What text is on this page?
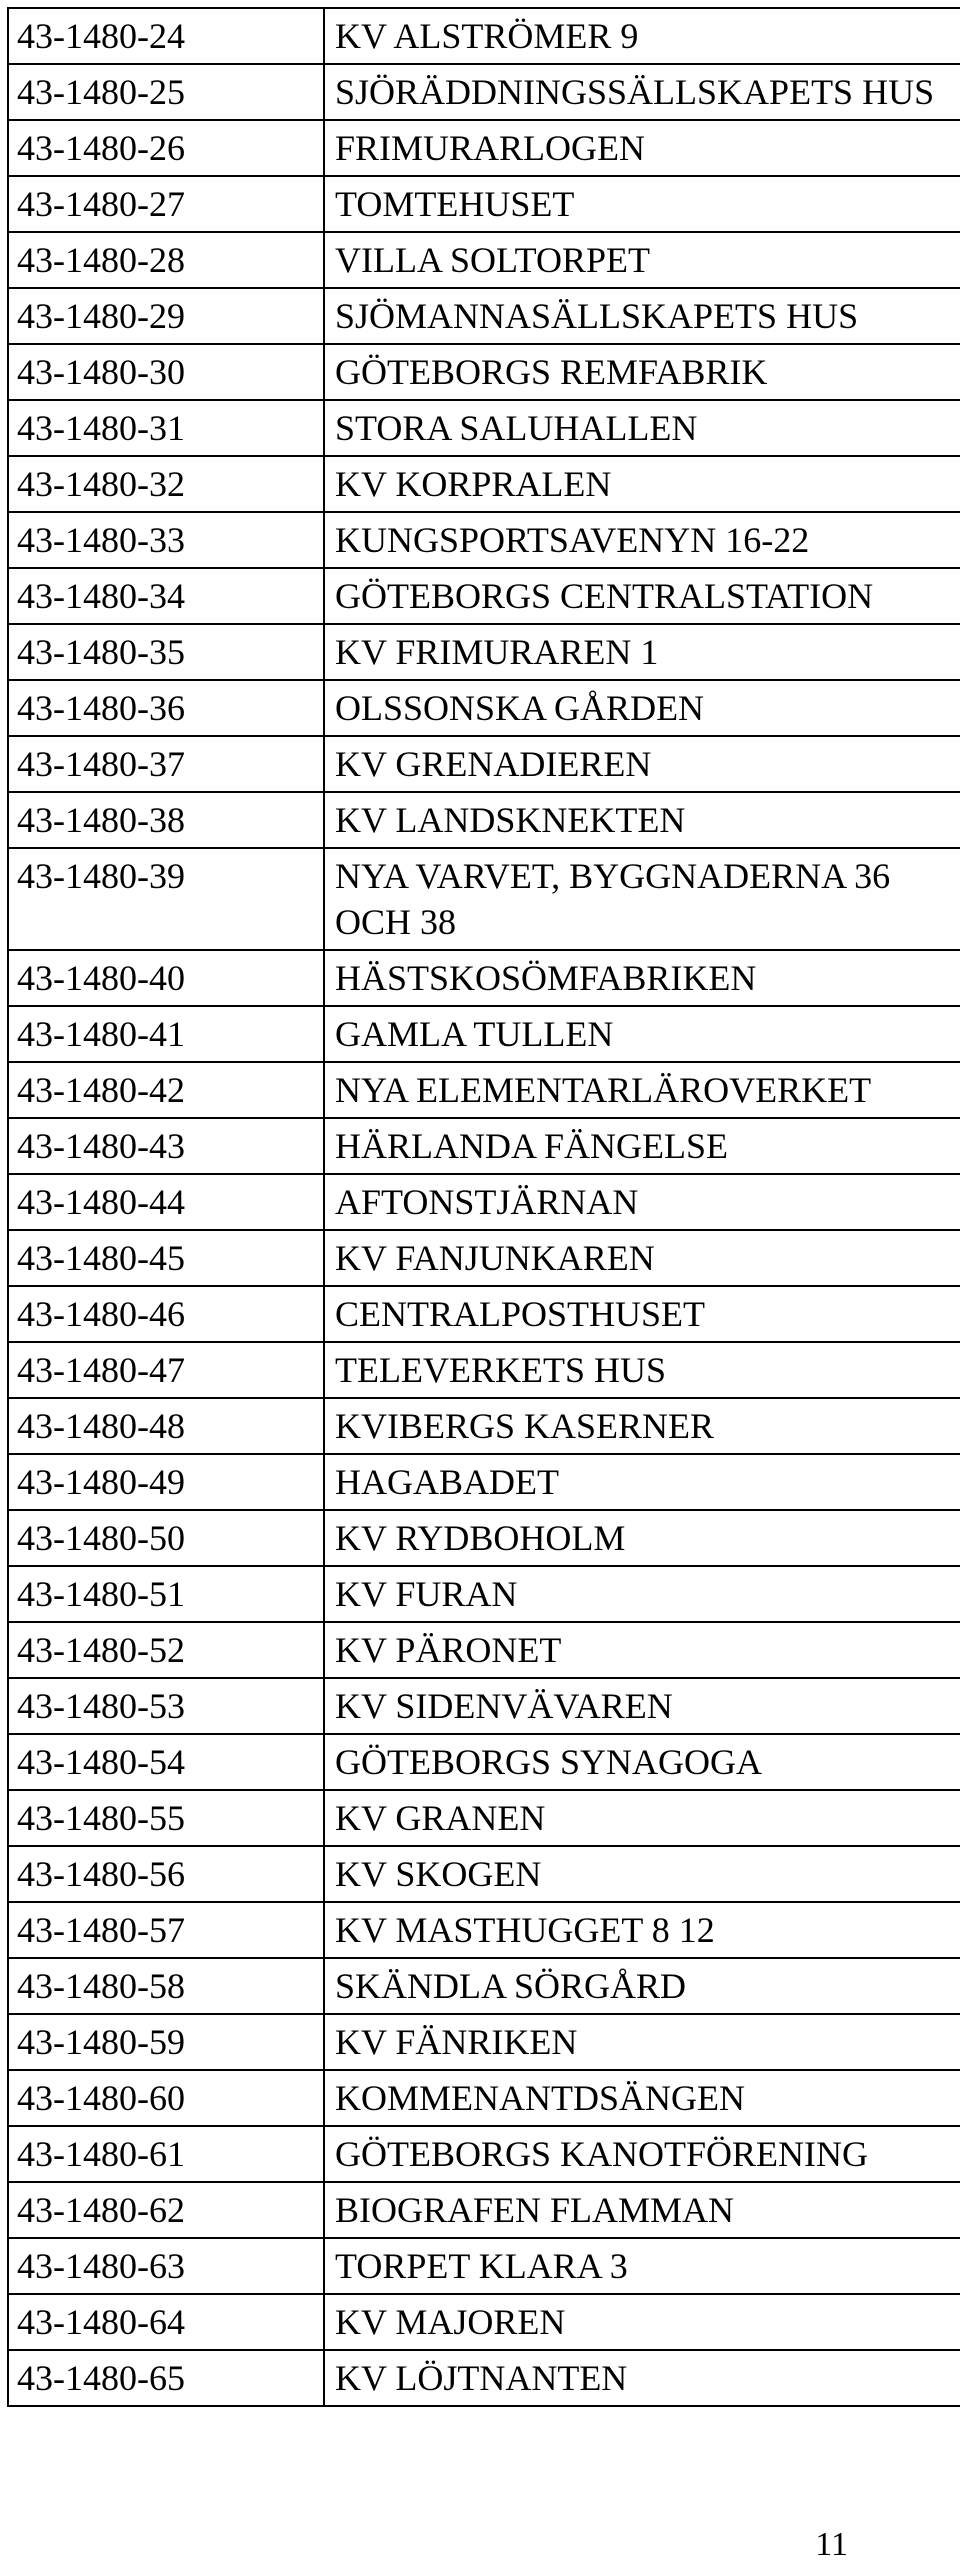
43-1480-24	KV ALSTRÖMER 9
43-1480-25	SJÖRÄDDNINGSSÄLLSKAPETS HUS
43-1480-26	FRIMURARLOGEN
43-1480-27	TOMTEHUSET
43-1480-28	VILLA SOLTORPET
43-1480-29	SJÖMANNASÄLLSKAPETS HUS
43-1480-30	GÖTEBORGS REMFABRIK
43-1480-31	STORA SALUHALLEN
43-1480-32	KV KORPRALEN
43-1480-33	KUNGSPORTSAVENYN 16-22
43-1480-34	GÖTEBORGS CENTRALSTATION
43-1480-35	KV FRIMURAREN 1
43-1480-36	OLSSONSKA GÅRDEN
43-1480-37	KV GRENADIEREN
43-1480-38	KV LANDSKNEKTEN
43-1480-39	NYA VARVET, BYGGNADERNA 36 OCH 38
43-1480-40	HÄSTSKOSÖMFABRIKEN
43-1480-41	GAMLA TULLEN
43-1480-42	NYA ELEMENTARLÄROVERKET
43-1480-43	HÄRLANDA FÄNGELSE
43-1480-44	AFTONSTJÄRNAN
43-1480-45	KV FANJUNKAREN
43-1480-46	CENTRALPOSTHUSET
43-1480-47	TELEVERKETS HUS
43-1480-48	KVIBERGS KASERNER
43-1480-49	HAGABADET
43-1480-50	KV RYDBOHOLM
43-1480-51	KV FURAN
43-1480-52	KV PÄRONET
43-1480-53	KV SIDENVÄVAREN
43-1480-54	GÖTEBORGS SYNAGOGA
43-1480-55	KV GRANEN
43-1480-56	KV SKOGEN
43-1480-57	KV MASTHUGGET 8 12
43-1480-58	SKÄNDLA SÖRGÅRD
43-1480-59	KV FÄNRIKEN
43-1480-60	KOMMENANTDSÄNGEN
43-1480-61	GÖTEBORGS KANOTFÖRENING
43-1480-62	BIOGRAFEN FLAMMAN
43-1480-63	TORPET KLARA 3
43-1480-64	KV MAJOREN
43-1480-65	KV LÖJTNANTEN
11
